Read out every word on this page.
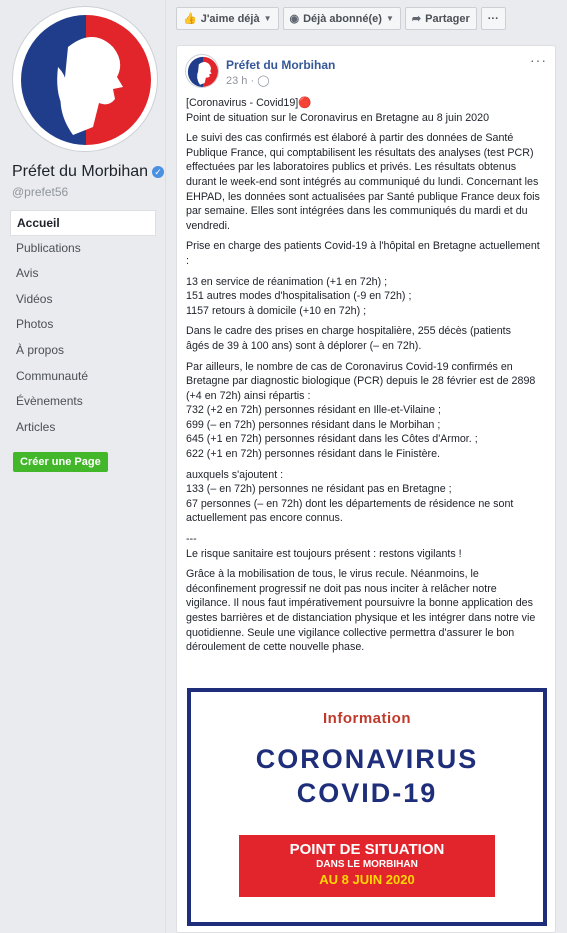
Préfet du Morbihan ✓
@prefet56
Accueil
Publications
Avis
Vidéos
Photos
À propos
Communauté
Évènements
Articles
Créer une Page
👍 J'aime déjà ▼ ◉ Déjà abonné(e) ▼ ➦ Partager ···
Préfet du Morbihan
23 h · ◯
···

[Coronavirus - Covid19]🔴
Point de situation sur le Coronavirus en Bretagne au 8 juin 2020

Le suivi des cas confirmés est élaboré à partir des données de Santé
Publique France, qui comptabilisent les résultats des analyses (test PCR)
effectuées par les laboratoires publics et privés. Les résultats obtenus
durant le week-end sont intégrés au communiqué du lundi. Concernant les
EHPAD, les données sont actualisées par Santé publique France deux fois
par semaine. Elles sont intégrées dans les communiqués du mardi et du
vendredi.

Prise en charge des patients Covid-19 à l'hôpital en Bretagne actuellement
:

13 en service de réanimation (+1 en 72h) ;
151 autres modes d'hospitalisation (-9 en 72h) ;
1157 retours à domicile (+10 en 72h) ;

Dans le cadre des prises en charge hospitalière, 255 décès (patients
âgés de 39 à 100 ans) sont à déplorer (– en 72h).

Par ailleurs, le nombre de cas de Coronavirus Covid-19 confirmés en
Bretagne par diagnostic biologique (PCR) depuis le 28 février est de 2898
(+4 en 72h) ainsi répartis :
732 (+2 en 72h) personnes résidant en Ille-et-Vilaine ;
699 (– en 72h) personnes résidant dans le Morbihan ;
645 (+1 en 72h) personnes résidant dans les Côtes d'Armor. ;
622 (+1 en 72h) personnes résidant dans le Finistère.

auxquels s'ajoutent :
133 (– en 72h) personnes ne résidant pas en Bretagne ;
67 personnes (– en 72h) dont les départements de résidence ne sont
actuellement pas encore connus.

---
Le risque sanitaire est toujours présent : restons vigilants !

Grâce à la mobilisation de tous, le virus recule. Néanmoins, le
déconfinement progressif ne doit pas nous inciter à relâcher notre
vigilance. Il nous faut impérativement poursuivre la bonne application des
gestes barrières et de distanciation physique et les intégrer dans notre vie
quotidienne. Seule une vigilance collective permettra d'assurer le bon
déroulement de cette nouvelle phase.

Information
CORONAVIRUS
COVID-19
POINT DE SITUATION
DANS LE MORBIHAN
AU 8 JUIN 2020
